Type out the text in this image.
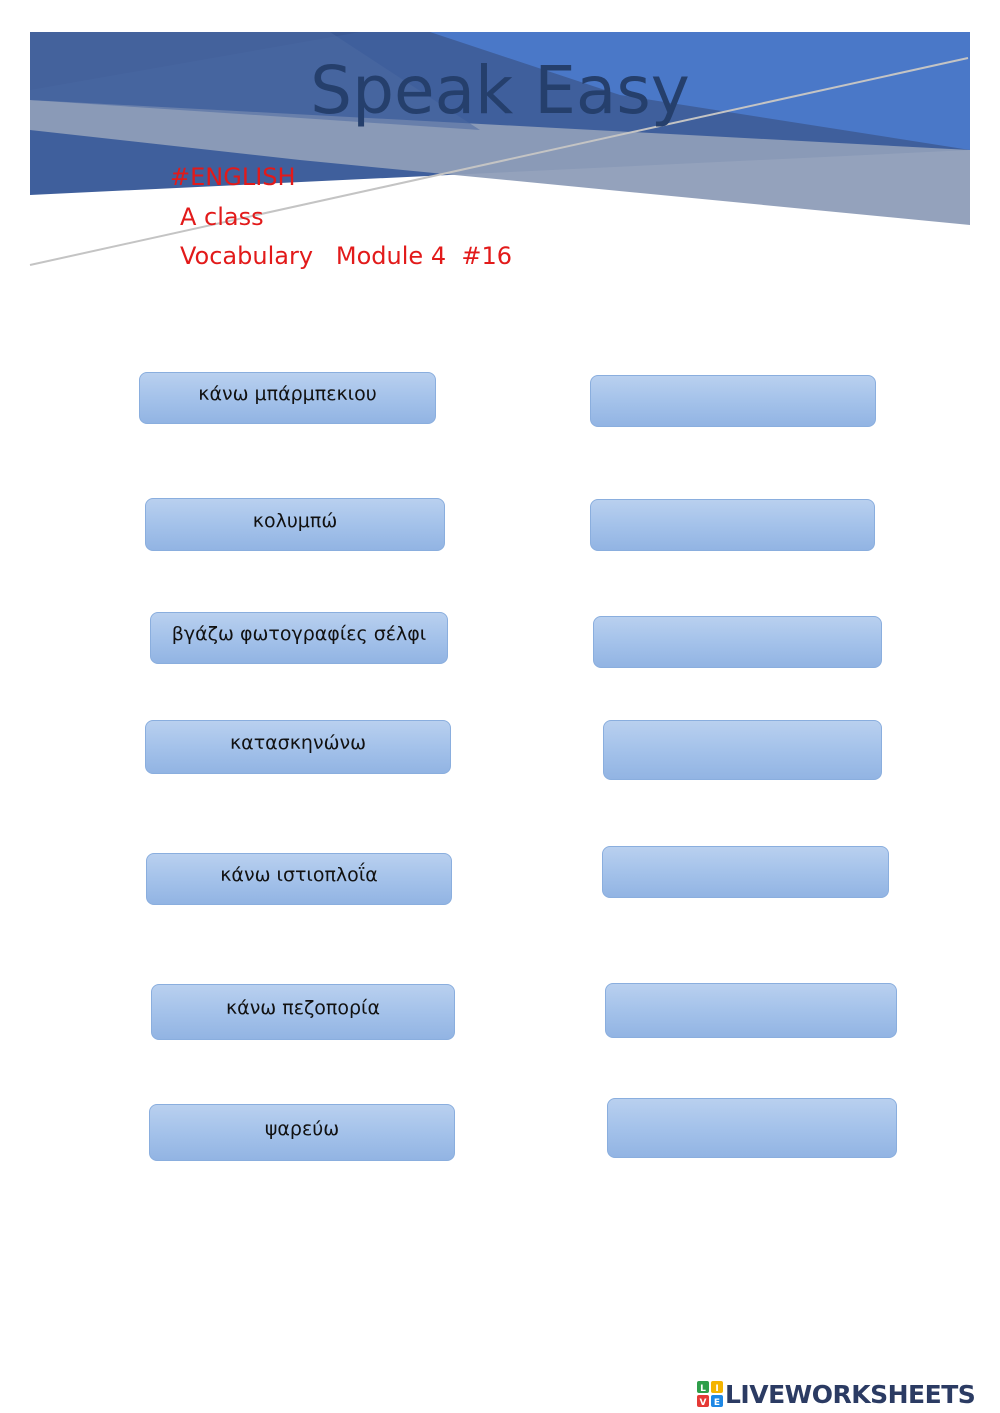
Speak Easy
#ENGLISH
A class
Vocabulary   Module 4  #16
κάνω μπάρμπεκιου
κολυμπώ
βγάζω φωτογραφίες σέλφι
κατασκηνώνω
κάνω ιστιοπλοΐα
κάνω πεζοπορία
ψαρεύω
L I
V E LIVEWORKSHEETS
